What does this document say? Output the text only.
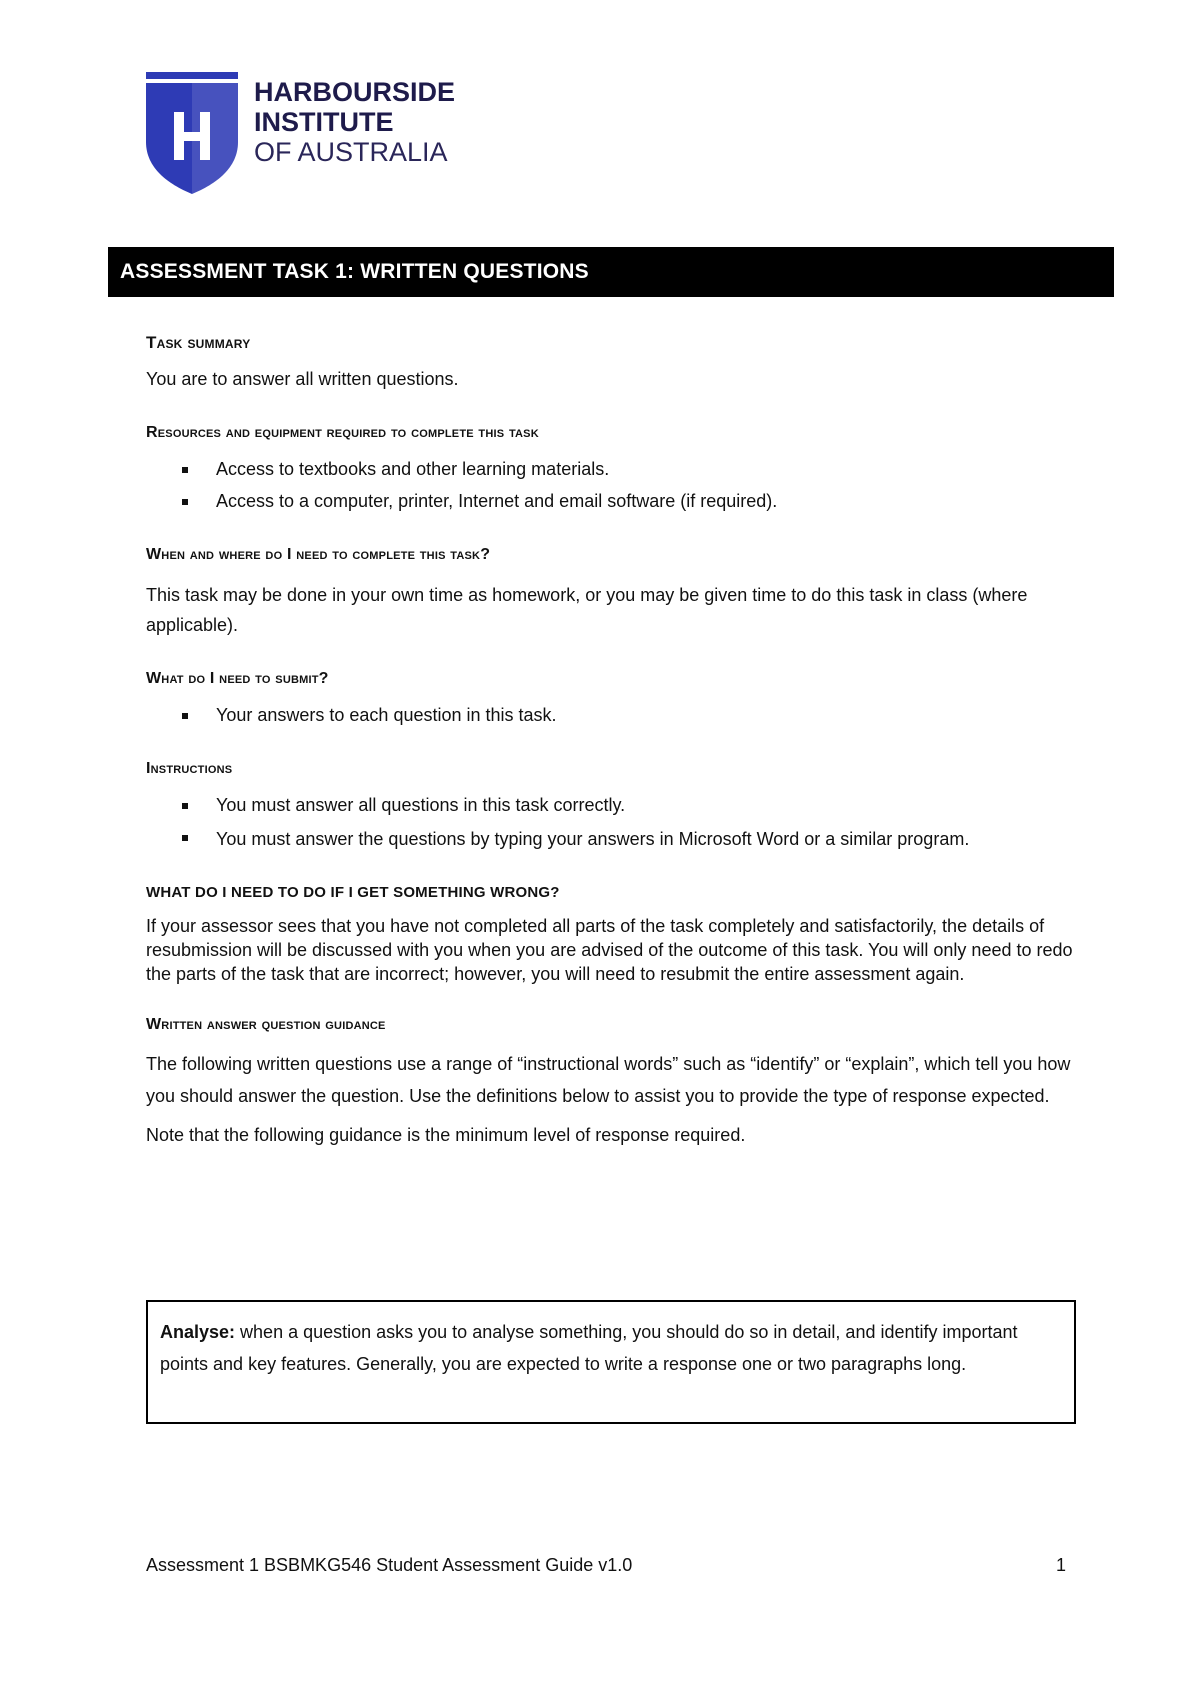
HARBOURSIDE
INSTITUTE
OF AUSTRALIA
ASSESSMENT TASK 1: WRITTEN QUESTIONS
Task summary

You are to answer all written questions.

Resources and equipment required to complete this task
Access to textbooks and other learning materials.
Access to a computer, printer, Internet and email software (if required).
When and where do I need to complete this task?

This task may be done in your own time as homework, or you may be given time to do this task in class (where applicable).

What do I need to submit?
Your answers to each question in this task.
Instructions
You must answer all questions in this task correctly.
You must answer the questions by typing your answers in Microsoft Word or a similar program.
WHAT DO I NEED TO DO IF I GET SOMETHING WRONG?

If your assessor sees that you have not completed all parts of the task completely and satisfactorily, the details of resubmission will be discussed with you when you are advised of the outcome of this task. You will only need to redo the parts of the task that are incorrect; however, you will need to resubmit the entire assessment again.

Written answer question guidance

The following written questions use a range of “instructional words” such as “identify” or “explain”, which tell you how you should answer the question. Use the definitions below to assist you to provide the type of response expected.

Note that the following guidance is the minimum level of response required.

Analyse: when a question asks you to analyse something, you should do so in detail, and identify important points and key features. Generally, you are expected to write a response one or two paragraphs long.
Assessment 1 BSBMKG546 Student Assessment Guide v1.0	1
